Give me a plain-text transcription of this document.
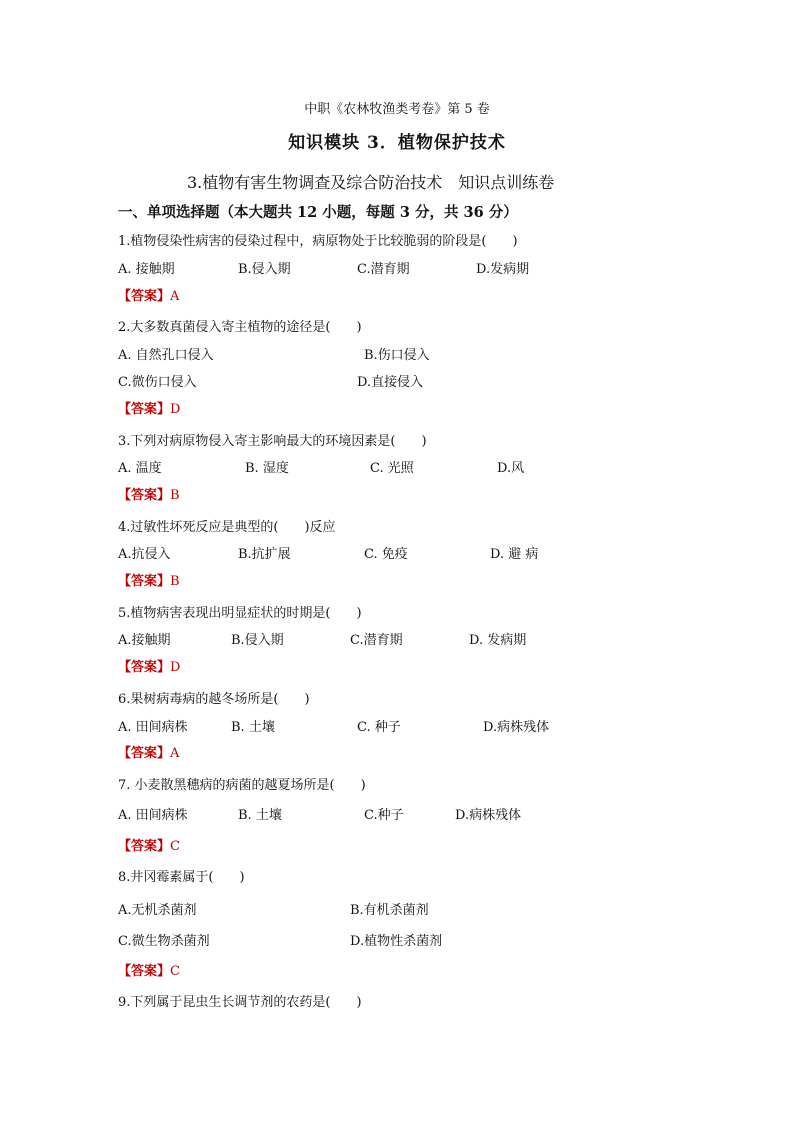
中职《农林牧渔类考卷》第 5 卷
知识模块 3．植物保护技术
3.植物有害生物调查及综合防治技术　知识点训练卷
一、单项选择题（本大题共 12 小题，每题 3 分，共 36 分）
1.植物侵染性病害的侵染过程中，病原物处于比较脆弱的阶段是(　　)
A. 接触期	B.侵入期	C.潜育期	D.发病期
【答案】A
2.大多数真菌侵入寄主植物的途径是(　　)
A. 自然孔口侵入	B.伤口侵入
C.微伤口侵入	D.直接侵入
【答案】D
3.下列对病原物侵入寄主影响最大的环境因素是(　　)
A. 温度	B. 湿度	C. 光照	D.风
【答案】B
4.过敏性坏死反应是典型的(　　)反应
A.抗侵入	B.抗扩展	C. 免疫	D. 避 病
【答案】B
5.植物病害表现出明显症状的时期是(　　)
A.接触期	B.侵入期	C.潜育期	D. 发病期
【答案】D
6.果树病毒病的越冬场所是(　　)
A. 田间病株	B. 土壤	C. 种子	D.病株残体
【答案】A
7. 小麦散黑穗病的病菌的越夏场所是(　　)
A. 田间病株	B. 土壤	C.种子	D.病株残体
【答案】C
8.井冈霉素属于(　　)
A.无机杀菌剂	B.有机杀菌剂
C.微生物杀菌剂	D.植物性杀菌剂
【答案】C
9.下列属于昆虫生长调节剂的农药是(　　)
